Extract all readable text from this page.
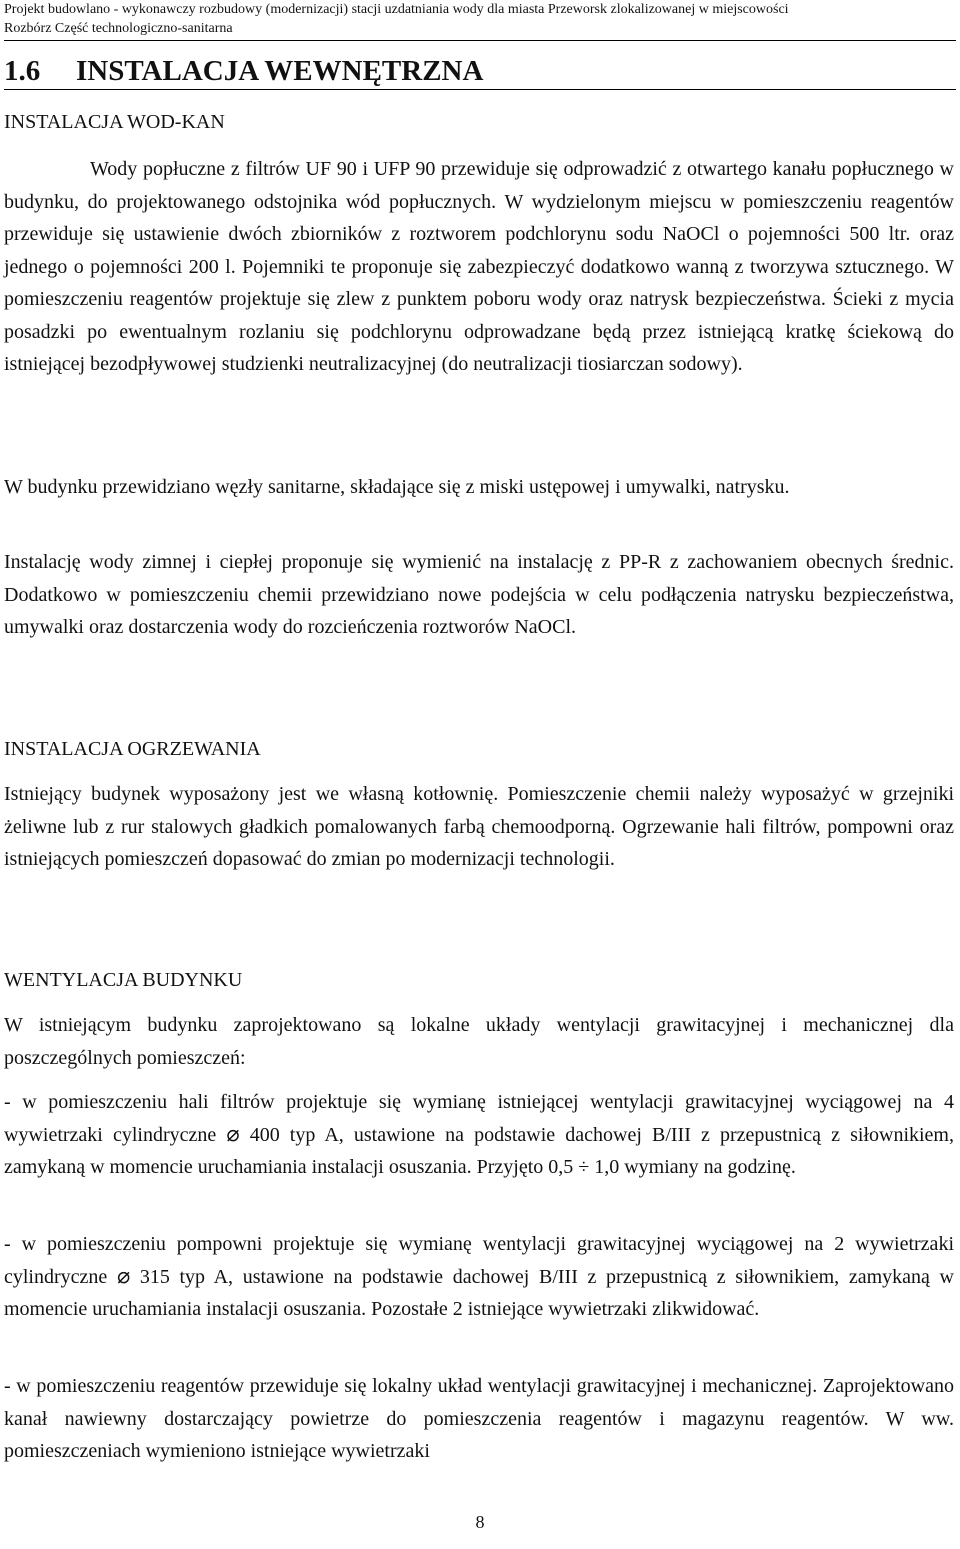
Projekt budowlano - wykonawczy rozbudowy (modernizacji) stacji uzdatniania wody dla miasta Przeworsk zlokalizowanej w miejscowości
Rozbórz Część technologiczno-sanitarna
1.6 INSTALACJA WEWNĘTRZNA
INSTALACJA WOD-KAN
Wody popłuczne z filtrów UF 90 i UFP 90 przewiduje się odprowadzić z otwartego kanału popłucznego w budynku, do projektowanego odstojnika wód popłucznych. W wydzielonym miejscu w pomieszczeniu reagentów przewiduje się ustawienie dwóch zbiorników z roztworem podchlorynu sodu NaOCl o pojemności 500 ltr. oraz jednego o pojemności 200 l. Pojemniki te proponuje się zabezpieczyć dodatkowo wanną z tworzywa sztucznego. W pomieszczeniu reagentów projektuje się zlew z punktem poboru wody oraz natrysk bezpieczeństwa. Ścieki z mycia posadzki po ewentualnym rozlaniu się podchlorynu odprowadzane będą przez istniejącą kratkę ściekową do istniejącej bezodpływowej studzienki neutralizacyjnej (do neutralizacji tiosiarczan sodowy).
W budynku przewidziano węzły sanitarne, składające się z miski ustępowej i umywalki, natrysku.
Instalację wody zimnej i ciepłej proponuje się wymienić na instalację z PP-R z zachowaniem obecnych średnic. Dodatkowo w pomieszczeniu chemii przewidziano nowe podejścia w celu podłączenia natrysku bezpieczeństwa, umywalki oraz dostarczenia wody do rozcieńczenia roztworów NaOCl.
INSTALACJA OGRZEWANIA
Istniejący budynek wyposażony jest we własną kotłownię. Pomieszczenie chemii należy wyposażyć w grzejniki żeliwne lub z rur stalowych gładkich pomalowanych farbą chemoodporną. Ogrzewanie hali filtrów, pompowni oraz istniejących pomieszczeń dopasować do zmian po modernizacji technologii.
WENTYLACJA BUDYNKU
W istniejącym budynku zaprojektowano są lokalne układy wentylacji grawitacyjnej i mechanicznej dla poszczególnych pomieszczeń:
- w pomieszczeniu hali filtrów projektuje się wymianę istniejącej wentylacji grawitacyjnej wyciągowej na 4 wywietrzaki cylindryczne ⌀ 400 typ A, ustawione na podstawie dachowej B/III z przepustnicą z siłownikiem, zamykaną w momencie uruchamiania instalacji osuszania. Przyjęto 0,5 ÷ 1,0 wymiany na godzinę.
- w pomieszczeniu pompowni projektuje się wymianę wentylacji grawitacyjnej wyciągowej na 2 wywietrzaki cylindryczne ⌀ 315 typ A, ustawione na podstawie dachowej B/III z przepustnicą z siłownikiem, zamykaną w momencie uruchamiania instalacji osuszania. Pozostałe 2 istniejące wywietrzaki zlikwidować.
- w pomieszczeniu reagentów przewiduje się lokalny układ wentylacji grawitacyjnej i mechanicznej. Zaprojektowano kanał nawiewny dostarczający powietrze do pomieszczenia reagentów i magazynu reagentów. W ww. pomieszczeniach wymieniono istniejące wywietrzaki
8
